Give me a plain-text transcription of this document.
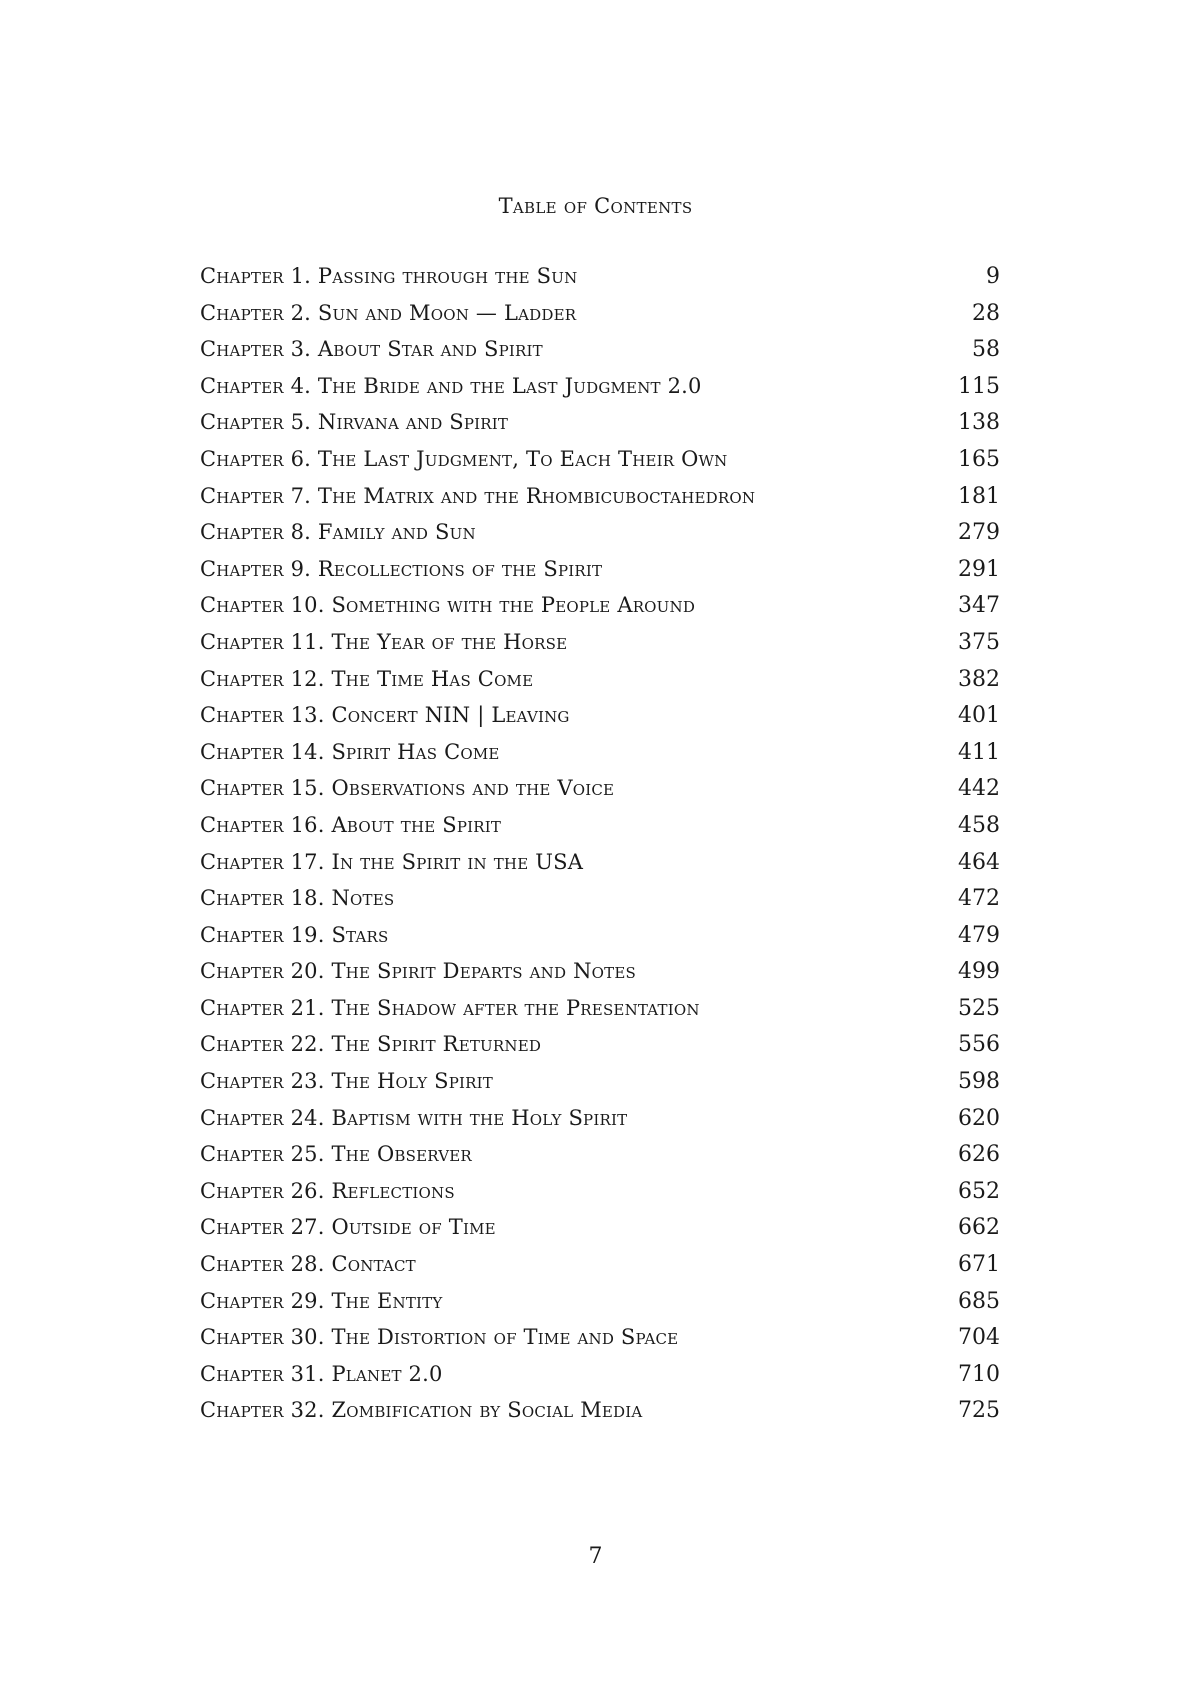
Table of Contents
Chapter 1. Passing through the Sun	9
Chapter 2. Sun and Moon — Ladder	28
Chapter 3. About Star and Spirit	58
Chapter 4. The Bride and the Last Judgment 2.0	115
Chapter 5. Nirvana and Spirit	138
Chapter 6. The Last Judgment, To Each Their Own	165
Chapter 7. The Matrix and the Rhombicuboctahedron	181
Chapter 8. Family and Sun	279
Chapter 9. Recollections of the Spirit	291
Chapter 10. Something with the People Around	347
Chapter 11. The Year of the Horse	375
Chapter 12. The Time Has Come	382
Chapter 13. Concert NIN | Leaving	401
Chapter 14. Spirit Has Come	411
Chapter 15. Observations and the Voice	442
Chapter 16. About the Spirit	458
Chapter 17. In the Spirit in the USA	464
Chapter 18. Notes	472
Chapter 19. Stars	479
Chapter 20. The Spirit Departs and Notes	499
Chapter 21. The Shadow after the Presentation	525
Chapter 22. The Spirit Returned	556
Chapter 23. The Holy Spirit	598
Chapter 24. Baptism with the Holy Spirit	620
Chapter 25. The Observer	626
Chapter 26. Reflections	652
Chapter 27. Outside of Time	662
Chapter 28. Contact	671
Chapter 29. The Entity	685
Chapter 30. The Distortion of Time and Space	704
Chapter 31. Planet 2.0	710
Chapter 32. Zombification by Social Media	725
7
